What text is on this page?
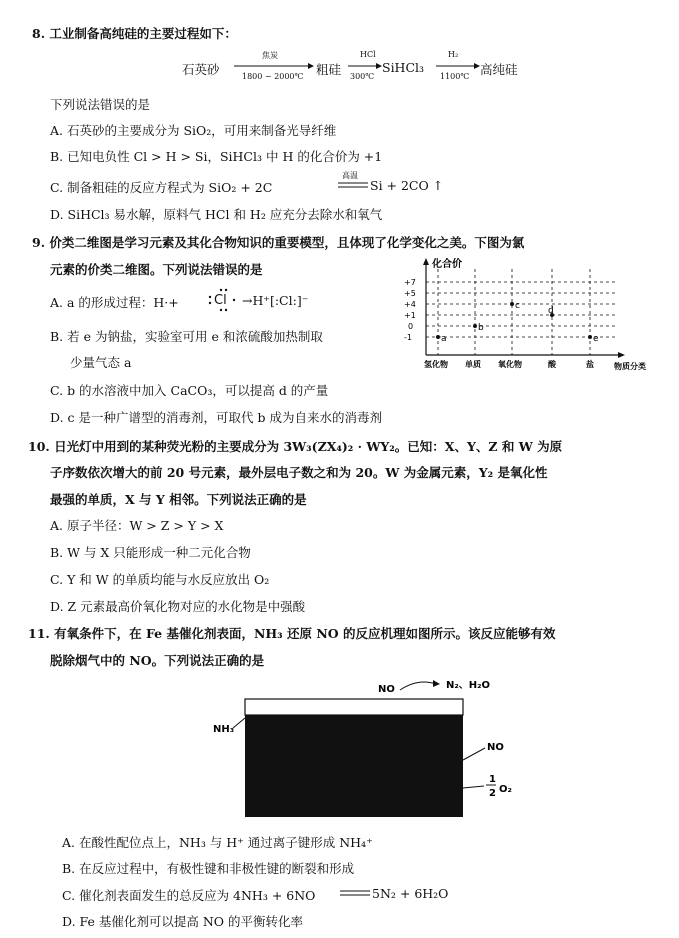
8. 工业制备高纯硅的主要过程如下：
石英砂
焦炭
1800 ~ 2000℃ 粗硅
HCl
300℃
SiHCl₃
H₂
1100℃ 高纯硅
下列说法错误的是
A. 石英砂的主要成分为 SiO₂，可用来制备光导纤维
B. 已知电负性 Cl > H > Si，SiHCl₃ 中 H 的化合价为 +1
C. 制备粗硅的反应方程式为 SiO₂ + 2C
高温
Si + 2CO ↑
D. SiHCl₃ 易水解，原料气 HCl 和 H₂ 应充分去除水和氧气
9. 价类二维图是学习元素及其化合物知识的重要模型，且体现了化学变化之美。下图为氯
元素的价类二维图。下列说法错误的是
A. a 的形成过程：H·+	Cl →H⁺[:Cl:]⁻
B. 若 e 为钠盐，实验室可用 e 和浓硫酸加热制取
少量气态 a
C. b 的水溶液中加入 CaCO₃，可以提高 d 的产量
D. c 是一种广谱型的消毒剂，可取代 b 成为自来水的消毒剂
化合价
+7
+5
+4
+1
0
-1	a
b
c	d
e
氢化物 单质 氧化物	酸	盐	物质分类
10. 日光灯中用到的某种荧光粉的主要成分为 3W₃(ZX₄)₂ · WY₂。已知：X、Y、Z 和 W 为原
子序数依次增大的前 20 号元素，最外层电子数之和为 20。W 为金属元素，Y₂ 是氧化性
最强的单质，X 与 Y 相邻。下列说法正确的是
A. 原子半径：W > Z > Y > X
B. W 与 X 只能形成一种二元化合物
C. Y 和 W 的单质均能与水反应放出 O₂
D. Z 元素最高价氧化物对应的水化物是中强酸
11. 有氧条件下，在 Fe 基催化剂表面，NH₃ 还原 NO 的反应机理如图所示。该反应能够有效
脱除烟气中的 NO。下列说法正确的是
NO	N₂、H₂O
NH₃
NO
1
2 O₂
A. 在酸性配位点上，NH₃ 与 H⁺ 通过离子键形成 NH₄⁺
B. 在反应过程中，有极性键和非极性键的断裂和形成
C. 催化剂表面发生的总反应为 4NH₃ + 6NO	5N₂ + 6H₂O
D. Fe 基催化剂可以提高 NO 的平衡转化率
